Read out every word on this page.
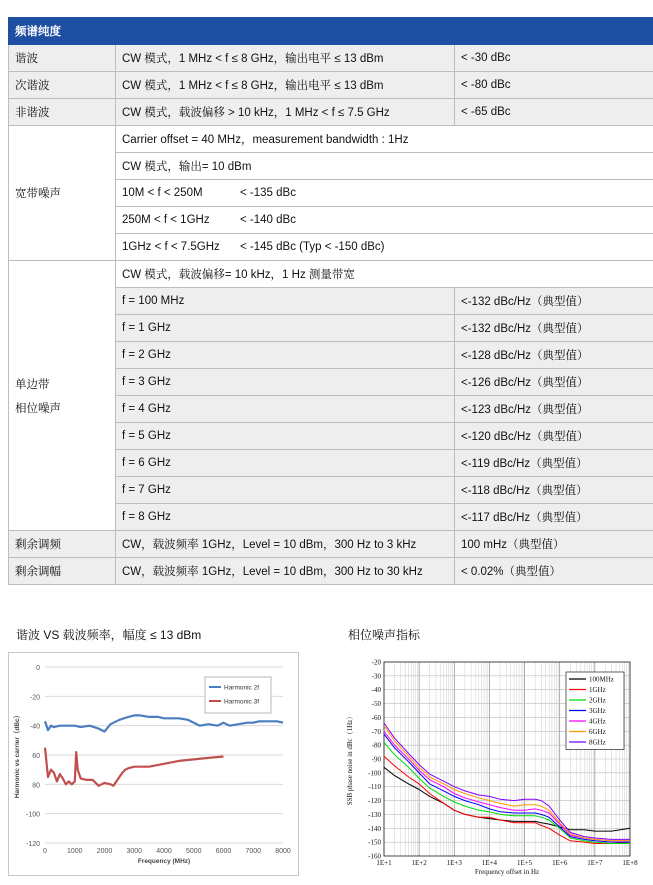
频谱纯度		
谐波	CW 模式，1 MHz < f ≤ 8 GHz，输出电平 ≤ 13 dBm	< -30 dBc
次谐波	CW 模式，1 MHz < f ≤ 8 GHz，输出电平 ≤ 13 dBm	< -80 dBc
非谐波	CW 模式，载波偏移 > 10 kHz，1 MHz < f ≤ 7.5 GHz	< -65 dBc
宽带噪声	Carrier offset = 40 MHz，measurement bandwidth : 1Hz	
	CW 模式，输出= 10 dBm	
	10M < f < 250M < -135 dBc	
	250M < f < 1GHz < -140 dBc	
	1GHz < f < 7.5GHz < -145 dBc (Typ < -150 dBc)	

单边带
相位噪声	CW 模式，载波偏移= 10 kHz，1 Hz 测量带宽	
	f = 100 MHz	<-132 dBc/Hz（典型值）
	f = 1 GHz	<-132 dBc/Hz（典型值）
	f = 2 GHz	<-128 dBc/Hz（典型值）
	f = 3 GHz	<-126 dBc/Hz（典型值）
	f = 4 GHz	<-123 dBc/Hz（典型值）
	f = 5 GHz	<-120 dBc/Hz（典型值）
	f = 6 GHz	<-119 dBc/Hz（典型值）
	f = 7 GHz	<-118 dBc/Hz（典型值）
	f = 8 GHz	<-117 dBc/Hz（典型值）
剩余调频	CW，载波频率 1GHz，Level = 10 dBm，300 Hz to 3 kHz	100 mHz（典型值）
剩余调幅	CW，载波频率 1GHz，Level = 10 dBm，300 Hz to 30 kHz	< 0.02%（典型值）
谐波 VS 载波频率，幅度 ≤ 13 dBm	相位噪声指标
0
-20
-40
60
80
-100
-120
0	1000 2000 3000 4000 5000 6000 7000 8000
Frequency (MHz)
Harmonic vs carrier（dBc）
Harmonic 2f
Harmonic 3f
1E+1	1E+2	1E+3	1E+4	1E+5	1E+6	1E+7	1E+8
-20
-30
-40
-50
-60
-70
-80
-90
-100
-110
-120
-130
-140
-150
-160
Frequency offset in Hz
SSB phase noise in dBc（1Hz）
100MHz
1GHz
2GHz
3GHz
4GHz
6GHz
8GHz
